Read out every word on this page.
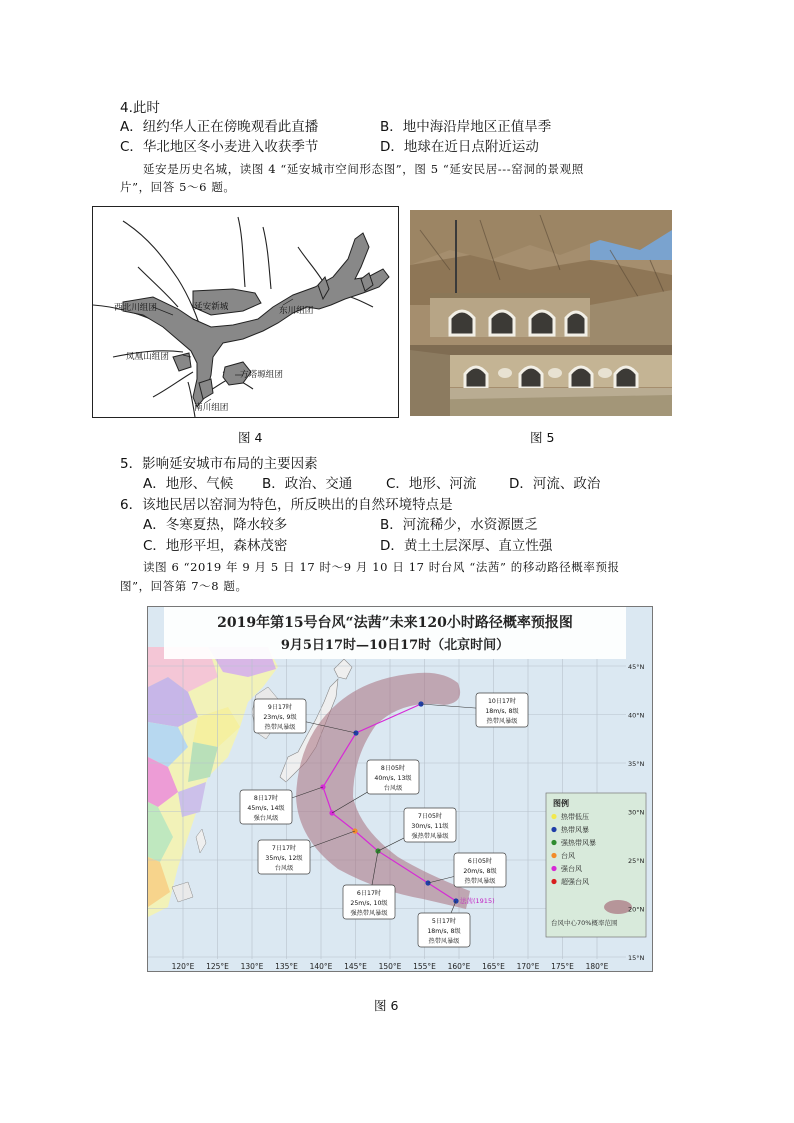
4.此时
A．纽约华人正在傍晚观看此直播	B．地中海沿岸地区正值旱季
C．华北地区冬小麦进入收获季节	D．地球在近日点附近运动
延安是历史名城，读图 4 “延安城市空间形态图”，图 5 “延安民居---窑洞的景观照
片”，回答 5～6 题。
西北川组团	延安新城	东川组团
凤凰山组团
方塔塬组团
南川组团
图 4	图 5
5．影响延安城市布局的主要因素
A．地形、气候 B．政治、交通 C．地形、河流 D．河流、政治
6．该地民居以窑洞为特色，所反映出的自然环境特点是
A．冬寒夏热，降水较多	B．河流稀少，水资源匮乏
C．地形平坦，森林茂密	D．黄土土层深厚、直立性强
读图 6 “2019 年 9 月 5 日 17 时～9 月 10 日 17 时台风 “法茜” 的移动路径概率预报
图”，回答第 7～8 题。
2019年第15号台风“法茜”未来120小时路径概率预报图
9月5日17时—10日17时（北京时间）
法茜(1915)
10日17时
18m/s, 8级
热带风暴级
9日17时
23m/s, 9级
热带风暴级
8日05时
40m/s, 13级
台风级
8日17时
45m/s, 14级
强台风级	7日05时
30m/s, 11级
强热带风暴级
7日17时
35m/s, 12级
台风级
6日05时
20m/s, 8级
热带风暴级
6日17时
25m/s, 10级
强热带风暴级
5日17时
18m/s, 8级
热带风暴级
图例
热带低压
热带风暴
强热带风暴
台风
强台风
超强台风
台风中心70%概率范围
120°E 125°E 130°E 135°E 140°E 145°E 150°E 155°E 160°E 165°E 170°E 175°E 180°E
45°N
40°N
35°N
30°N
25°N
20°N
15°N
图 6
